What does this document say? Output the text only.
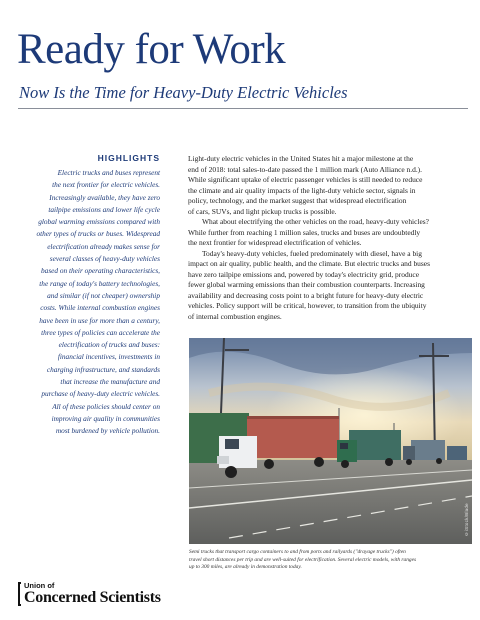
Ready for Work
Now Is the Time for Heavy-Duty Electric Vehicles
HIGHLIGHTS
Electric trucks and buses represent
the next frontier for electric vehicles.
Increasingly available, they have zero
tailpipe emissions and lower life cycle
global warming emissions compared with
other types of trucks or buses. Widespread
electrification already makes sense for
several classes of heavy-duty vehicles
based on their operating characteristics,
the range of today's battery technologies,
and similar (if not cheaper) ownership
costs. While internal combustion engines
have been in use for more than a century,
three types of policies can accelerate the
electrification of trucks and buses:
financial incentives, investments in
charging infrastructure, and standards
that increase the manufacture and
purchase of heavy-duty electric vehicles.
All of these policies should center on
improving air quality in communities
most burdened by vehicle pollution.
Light-duty electric vehicles in the United States hit a major milestone at the
end of 2018: total sales-to-date passed the 1 million mark (Auto Alliance n.d.).
While significant uptake of electric passenger vehicles is still needed to reduce
the climate and air quality impacts of the light-duty vehicle sector, signals in
policy, technology, and the market suggest that widespread electrification
of cars, SUVs, and light pickup trucks is possible.
What about electrifying the other vehicles on the road, heavy-duty vehicles?
While further from reaching 1 million sales, trucks and buses are undoubtedly
the next frontier for widespread electrification of vehicles.
Today's heavy-duty vehicles, fueled predominately with diesel, have a big
impact on air quality, public health, and the climate. But electric trucks and buses
have zero tailpipe emissions and, powered by today's electricity grid, produce
fewer global warming emissions than their combustion counterparts. Increasing
availability and decreasing costs point to a bright future for heavy-duty electric
vehicles. Policy support will be critical, however, to transition from the ubiquity
of internal combustion engines.
©iStock/Blade
Semi trucks that transport cargo containers to and from ports and railyards ("drayage trucks") often
travel short distances per trip and are well-suited for electrification. Several electric models, with ranges
up to 300 miles, are already in demonstration today.
Union of
Concerned Scientists
